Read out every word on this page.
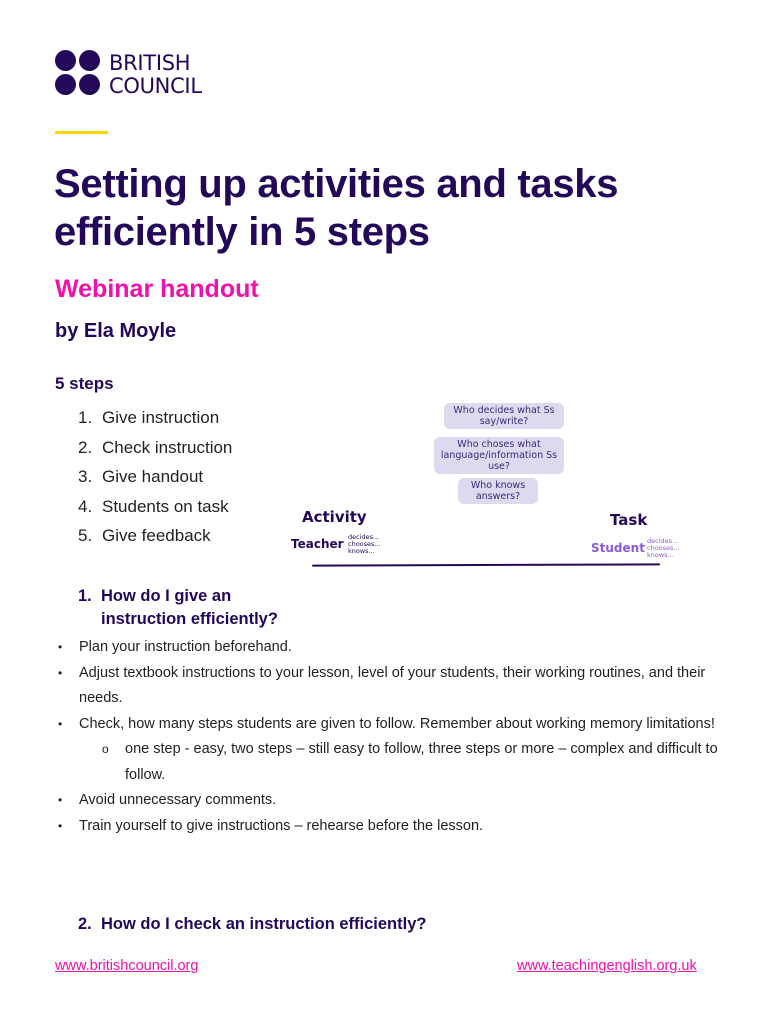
BRITISH
COUNCIL
Setting up activities and tasks efficiently in 5 steps
Webinar handout
by Ela Moyle
5 steps
1. Give instruction
2. Check instruction
3. Give handout
4. Students on task
5. Give feedback
Who decides what Ss say/write?
Who choses what language/information Ss use?
Who knows answers?
Activity	Task
Teacher decides...
chooses...
knows...	Student decides...
chooses...
knows...
1. How do I give an
instruction efficiently?
• Plan your instruction beforehand.
• Adjust textbook instructions to your lesson, level of your students, their working routines, and their needs.
• Check, how many steps students are given to follow. Remember about working memory limitations!
o one step - easy, two steps – still easy to follow, three steps or more – complex and difficult to follow.
• Avoid unnecessary comments.
• Train yourself to give instructions – rehearse before the lesson.
2. How do I check an instruction efficiently?
www.britishcouncil.org	www.teachingenglish.org.uk
